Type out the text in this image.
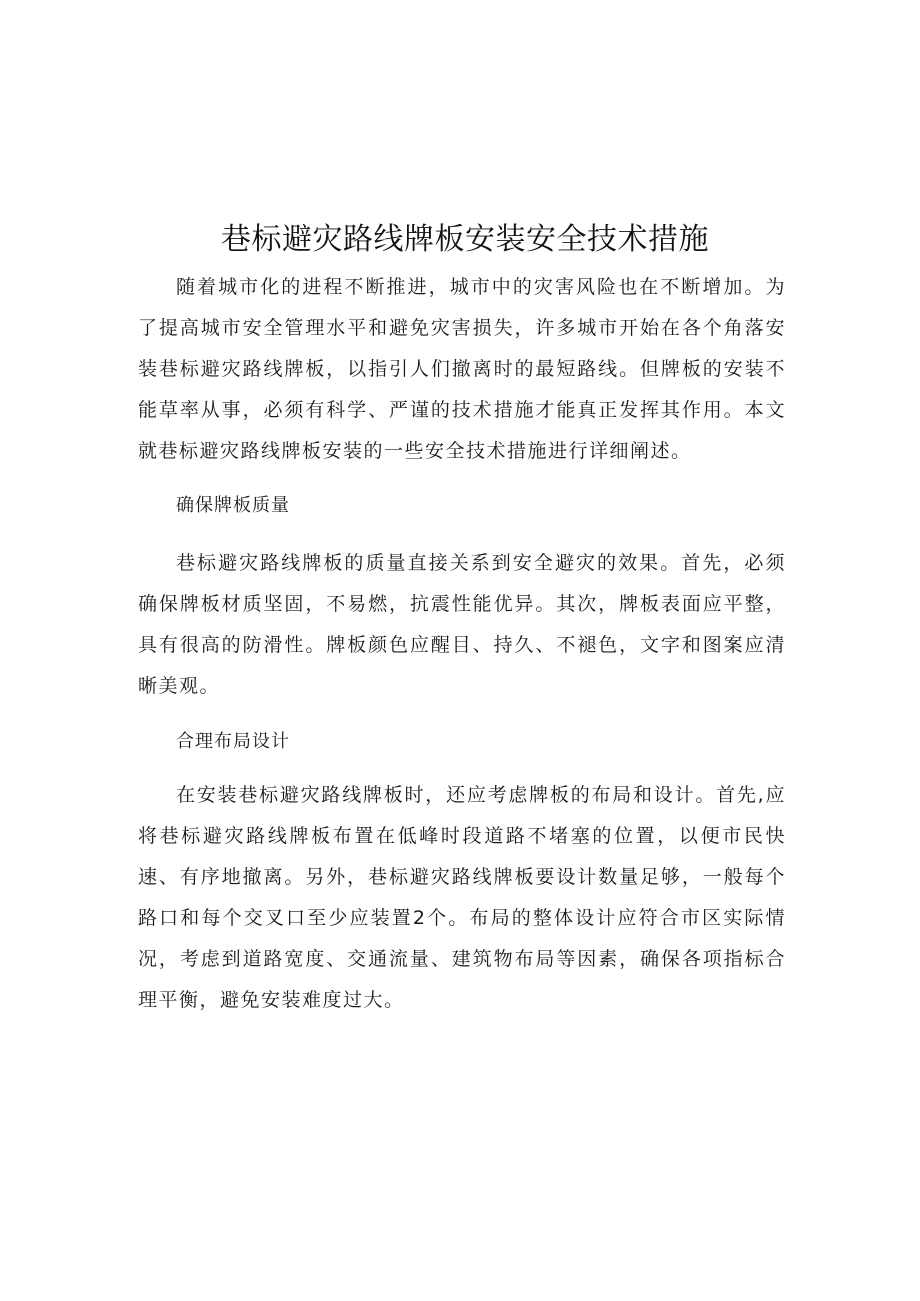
巷标避灾路线牌板安装安全技术措施

随着城市化的进程不断推进，城市中的灾害风险也在不断增加。为了提高城市安全管理水平和避免灾害损失，许多城市开始在各个角落安装巷标避灾路线牌板，以指引人们撤离时的最短路线。但牌板的安装不能草率从事，必须有科学、严谨的技术措施才能真正发挥其作用。本文就巷标避灾路线牌板安装的一些安全技术措施进行详细阐述。

确保牌板质量

巷标避灾路线牌板的质量直接关系到安全避灾的效果。首先，必须确保牌板材质坚固，不易燃，抗震性能优异。其次，牌板表面应平整，具有很高的防滑性。牌板颜色应醒目、持久、不褪色，文字和图案应清晰美观。

合理布局设计

在安装巷标避灾路线牌板时，还应考虑牌板的布局和设计。首先,应将巷标避灾路线牌板布置在低峰时段道路不堵塞的位置，以便市民快速、有序地撤离。另外，巷标避灾路线牌板要设计数量足够，一般每个路口和每个交叉口至少应装置2个。布局的整体设计应符合市区实际情况，考虑到道路宽度、交通流量、建筑物布局等因素，确保各项指标合理平衡，避免安装难度过大。
